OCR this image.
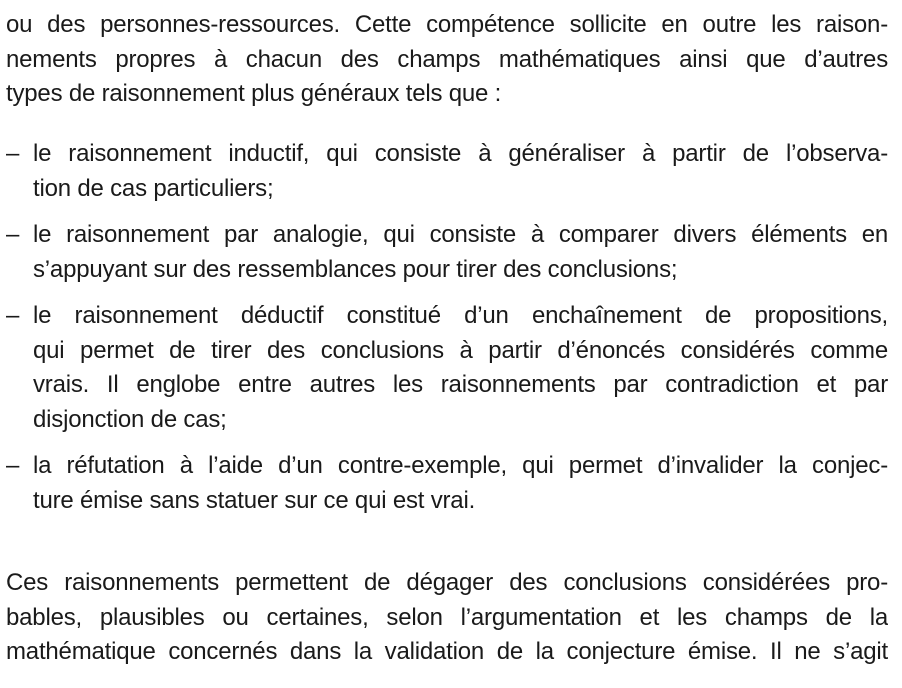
ou des personnes-ressources. Cette compétence sollicite en outre les raison-
nements propres à chacun des champs mathématiques ainsi que d’autres
types de raisonnement plus généraux tels que :

– le raisonnement inductif, qui consiste à généraliser à partir de l’observa-
tion de cas particuliers;
– le raisonnement par analogie, qui consiste à comparer divers éléments en
s’appuyant sur des ressemblances pour tirer des conclusions;
– le raisonnement déductif constitué d’un enchaînement de propositions,
qui permet de tirer des conclusions à partir d’énoncés considérés comme
vrais. Il englobe entre autres les raisonnements par contradiction et par
disjonction de cas;
– la réfutation à l’aide d’un contre-exemple, qui permet d’invalider la conjec-
ture émise sans statuer sur ce qui est vrai.

Ces raisonnements permettent de dégager des conclusions considérées pro-
bables, plausibles ou certaines, selon l’argumentation et les champs de la
mathématique concernés dans la validation de la conjecture émise. Il ne s’agit
